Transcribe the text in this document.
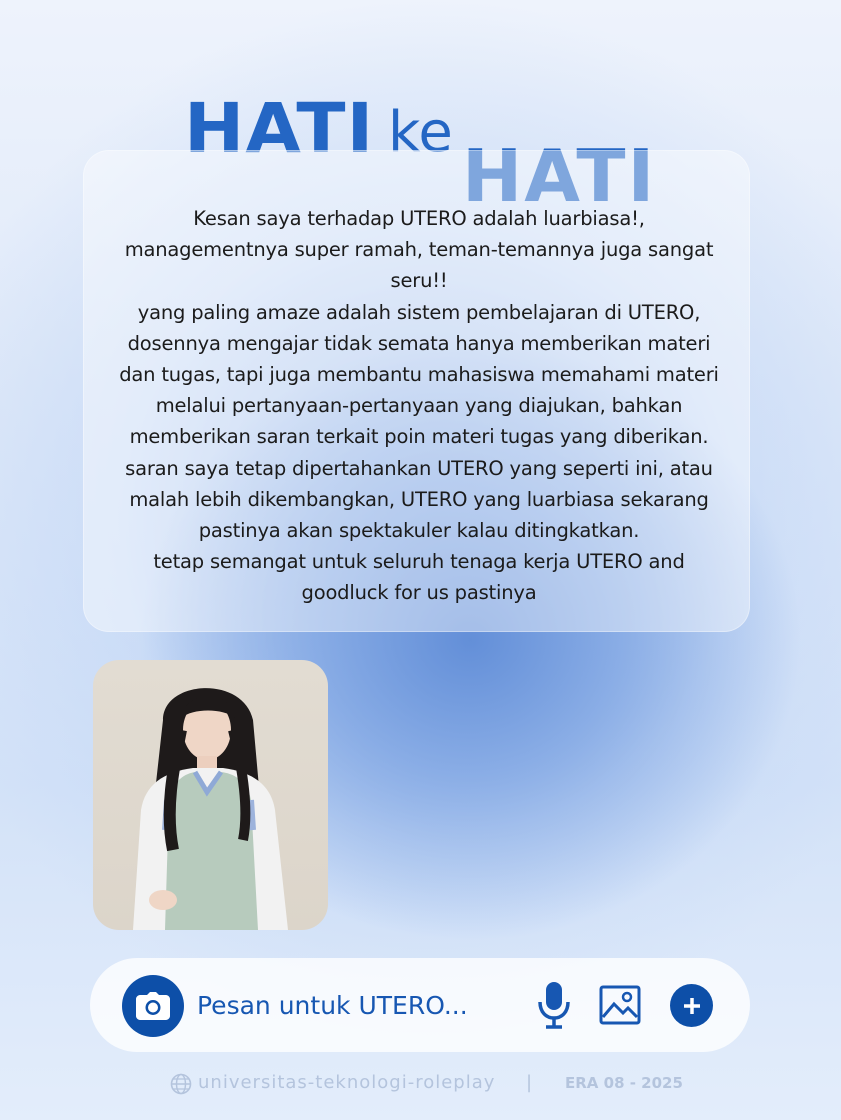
HATI ke
HATI
Kesan saya terhadap UTERO adalah luarbiasa!,
managementnya super ramah, teman-temannya juga sangat
seru!!
yang paling amaze adalah sistem pembelajaran di UTERO,
dosennya mengajar tidak semata hanya memberikan materi
dan tugas, tapi juga membantu mahasiswa memahami materi
melalui pertanyaan-pertanyaan yang diajukan, bahkan
memberikan saran terkait poin materi tugas yang diberikan.
saran saya tetap dipertahankan UTERO yang seperti ini, atau
malah lebih dikembangkan, UTERO yang luarbiasa sekarang
pastinya akan spektakuler kalau ditingkatkan.
tetap semangat untuk seluruh tenaga kerja UTERO and
goodluck for us pastinya
Pesan untuk UTERO...
universitas-teknologi-roleplay | ERA 08 - 2025
